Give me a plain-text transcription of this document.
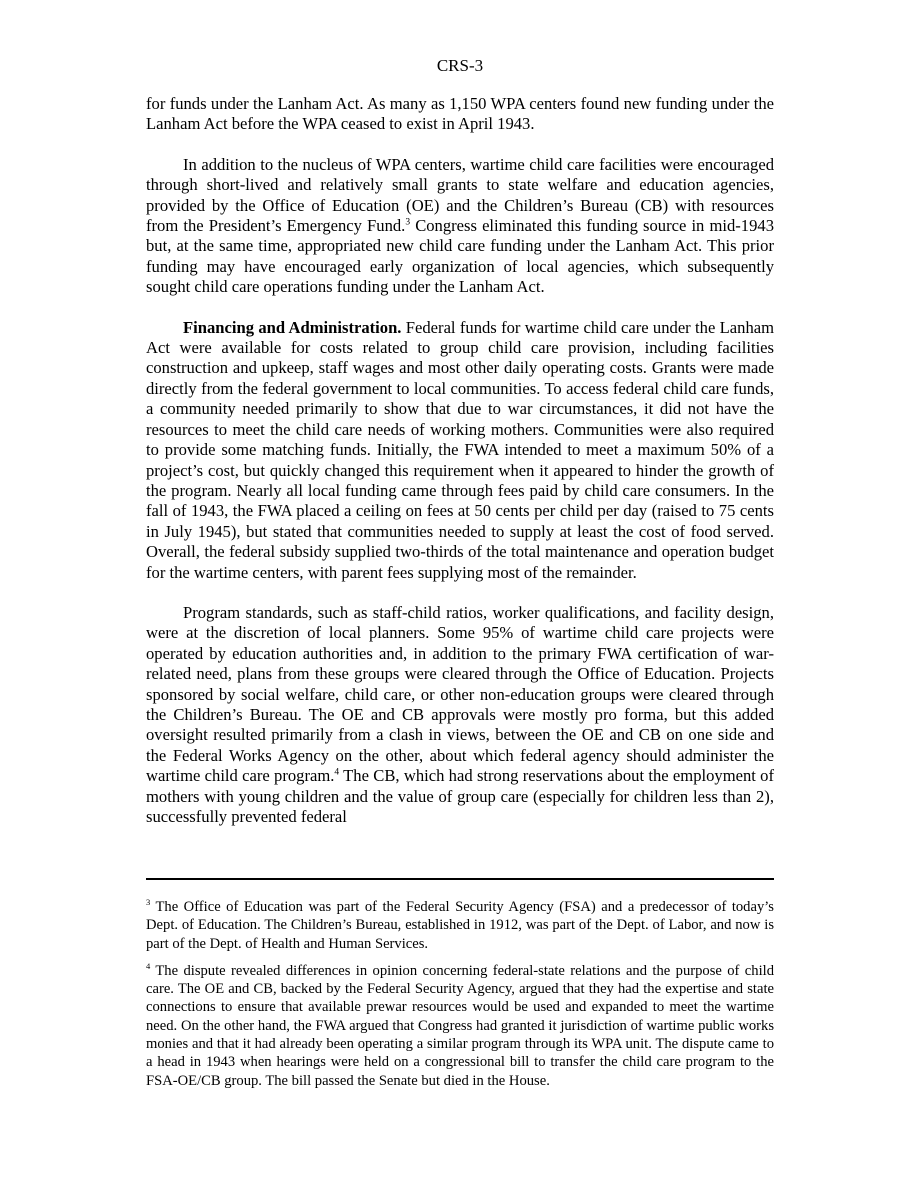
CRS-3

for funds under the Lanham Act. As many as 1,150 WPA centers found new funding under the Lanham Act before the WPA ceased to exist in April 1943.

In addition to the nucleus of WPA centers, wartime child care facilities were encouraged through short-lived and relatively small grants to state welfare and education agencies, provided by the Office of Education (OE) and the Children’s Bureau (CB) with resources from the President’s Emergency Fund.$^3$ Congress eliminated this funding source in mid-1943 but, at the same time, appropriated new child care funding under the Lanham Act. This prior funding may have encouraged early organization of local agencies, which subsequently sought child care operations funding under the Lanham Act.

Financing and Administration. Federal funds for wartime child care under the Lanham Act were available for costs related to group child care provision, including facilities construction and upkeep, staff wages and most other daily operating costs. Grants were made directly from the federal government to local communities. To access federal child care funds, a community needed primarily to show that due to war circumstances, it did not have the resources to meet the child care needs of working mothers. Communities were also required to provide some matching funds. Initially, the FWA intended to meet a maximum 50% of a project’s cost, but quickly changed this requirement when it appeared to hinder the growth of the program. Nearly all local funding came through fees paid by child care consumers. In the fall of 1943, the FWA placed a ceiling on fees at 50 cents per child per day (raised to 75 cents in July 1945), but stated that communities needed to supply at least the cost of food served. Overall, the federal subsidy supplied two-thirds of the total maintenance and operation budget for the wartime centers, with parent fees supplying most of the remainder.

Program standards, such as staff-child ratios, worker qualifications, and facility design, were at the discretion of local planners. Some 95% of wartime child care projects were operated by education authorities and, in addition to the primary FWA certification of war-related need, plans from these groups were cleared through the Office of Education. Projects sponsored by social welfare, child care, or other non-education groups were cleared through the Children’s Bureau. The OE and CB approvals were mostly pro forma, but this added oversight resulted primarily from a clash in views, between the OE and CB on one side and the Federal Works Agency on the other, about which federal agency should administer the wartime child care program.$^4$ The CB, which had strong reservations about the employment of mothers with young children and the value of group care (especially for children less than 2), successfully prevented federal

$^3$ The Office of Education was part of the Federal Security Agency (FSA) and a predecessor of today’s Dept. of Education. The Children’s Bureau, established in 1912, was part of the Dept. of Labor, and now is part of the Dept. of Health and Human Services.

$^4$ The dispute revealed differences in opinion concerning federal-state relations and the purpose of child care. The OE and CB, backed by the Federal Security Agency, argued that they had the expertise and state connections to ensure that available prewar resources would be used and expanded to meet the wartime need. On the other hand, the FWA argued that Congress had granted it jurisdiction of wartime public works monies and that it had already been operating a similar program through its WPA unit. The dispute came to a head in 1943 when hearings were held on a congressional bill to transfer the child care program to the FSA-OE/CB group. The bill passed the Senate but died in the House.
